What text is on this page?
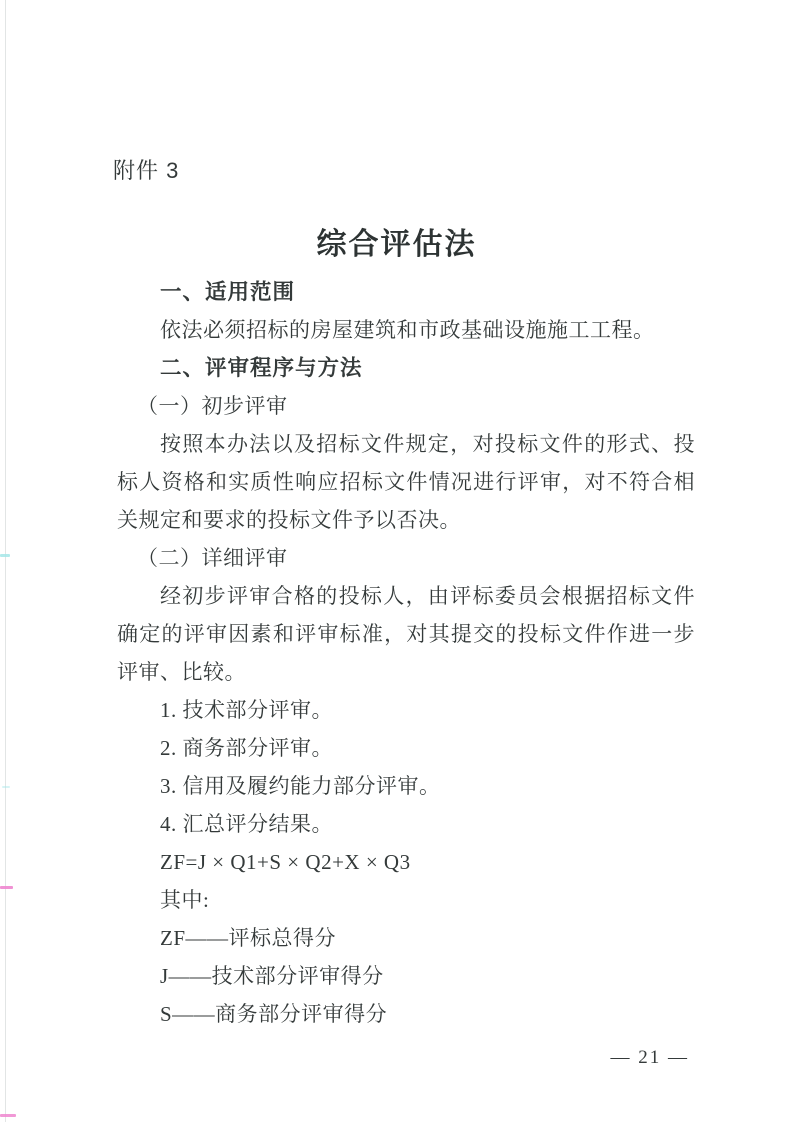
附件 3
综合评估法

一、适用范围

依法必须招标的房屋建筑和市政基础设施施工工程。

二、评审程序与方法

（一）初步评审

按照本办法以及招标文件规定，对投标文件的形式、投标人资格和实质性响应招标文件情况进行评审，对不符合相关规定和要求的投标文件予以否决。

（二）详细评审

经初步评审合格的投标人，由评标委员会根据招标文件确定的评审因素和评审标准，对其提交的投标文件作进一步评审、比较。

1. 技术部分评审。

2. 商务部分评审。

3. 信用及履约能力部分评审。

4. 汇总评分结果。

ZF=J × Q1+S × Q2+X × Q3

其中:

ZF——评标总得分

J——技术部分评审得分

S——商务部分评审得分

— 21 —
